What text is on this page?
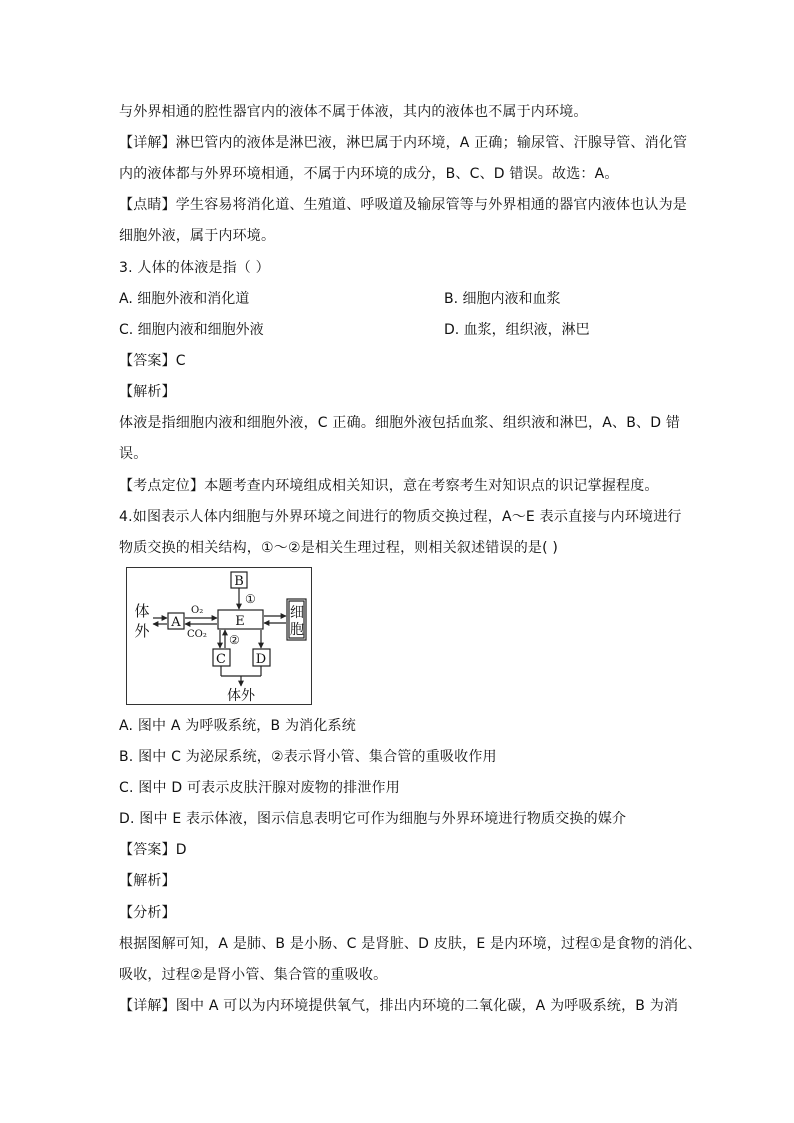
与外界相通的腔性器官内的液体不属于体液，其内的液体也不属于内环境。
【详解】淋巴管内的液体是淋巴液，淋巴属于内环境，A 正确；输尿管、汗腺导管、消化管
内的液体都与外界环境相通，不属于内环境的成分，B、C、D 错误。故选：A。
【点睛】学生容易将消化道、生殖道、呼吸道及输尿管等与外界相通的器官内液体也认为是
细胞外液，属于内环境。
3. 人体的体液是指（ ）
A. 细胞外液和消化道	B. 细胞内液和血浆
C. 细胞内液和细胞外液	D. 血浆，组织液，淋巴
【答案】C
【解析】
体液是指细胞内液和细胞外液，C 正确。细胞外液包括血浆、组织液和淋巴，A、B、D 错
误。
【考点定位】本题考查内环境组成相关知识，意在考察考生对知识点的识记掌握程度。
4.如图表示人体内细胞与外界环境之间进行的物质交换过程，A～E 表示直接与内环境进行
物质交换的相关结构，①～②是相关生理过程，则相关叙述错误的是( )
B
E
A
C D
①
②
O₂
CO₂
体
外
细
胞
体外
A. 图中 A 为呼吸系统，B 为消化系统
B. 图中 C 为泌尿系统，②表示肾小管、集合管的重吸收作用
C. 图中 D 可表示皮肤汗腺对废物的排泄作用
D. 图中 E 表示体液，图示信息表明它可作为细胞与外界环境进行物质交换的媒介
【答案】D
【解析】
【分析】
根据图解可知，A 是肺、B 是小肠、C 是肾脏、D 皮肤，E 是内环境，过程①是食物的消化、
吸收，过程②是肾小管、集合管的重吸收。
【详解】图中 A 可以为内环境提供氧气，排出内环境的二氧化碳，A 为呼吸系统，B 为消
